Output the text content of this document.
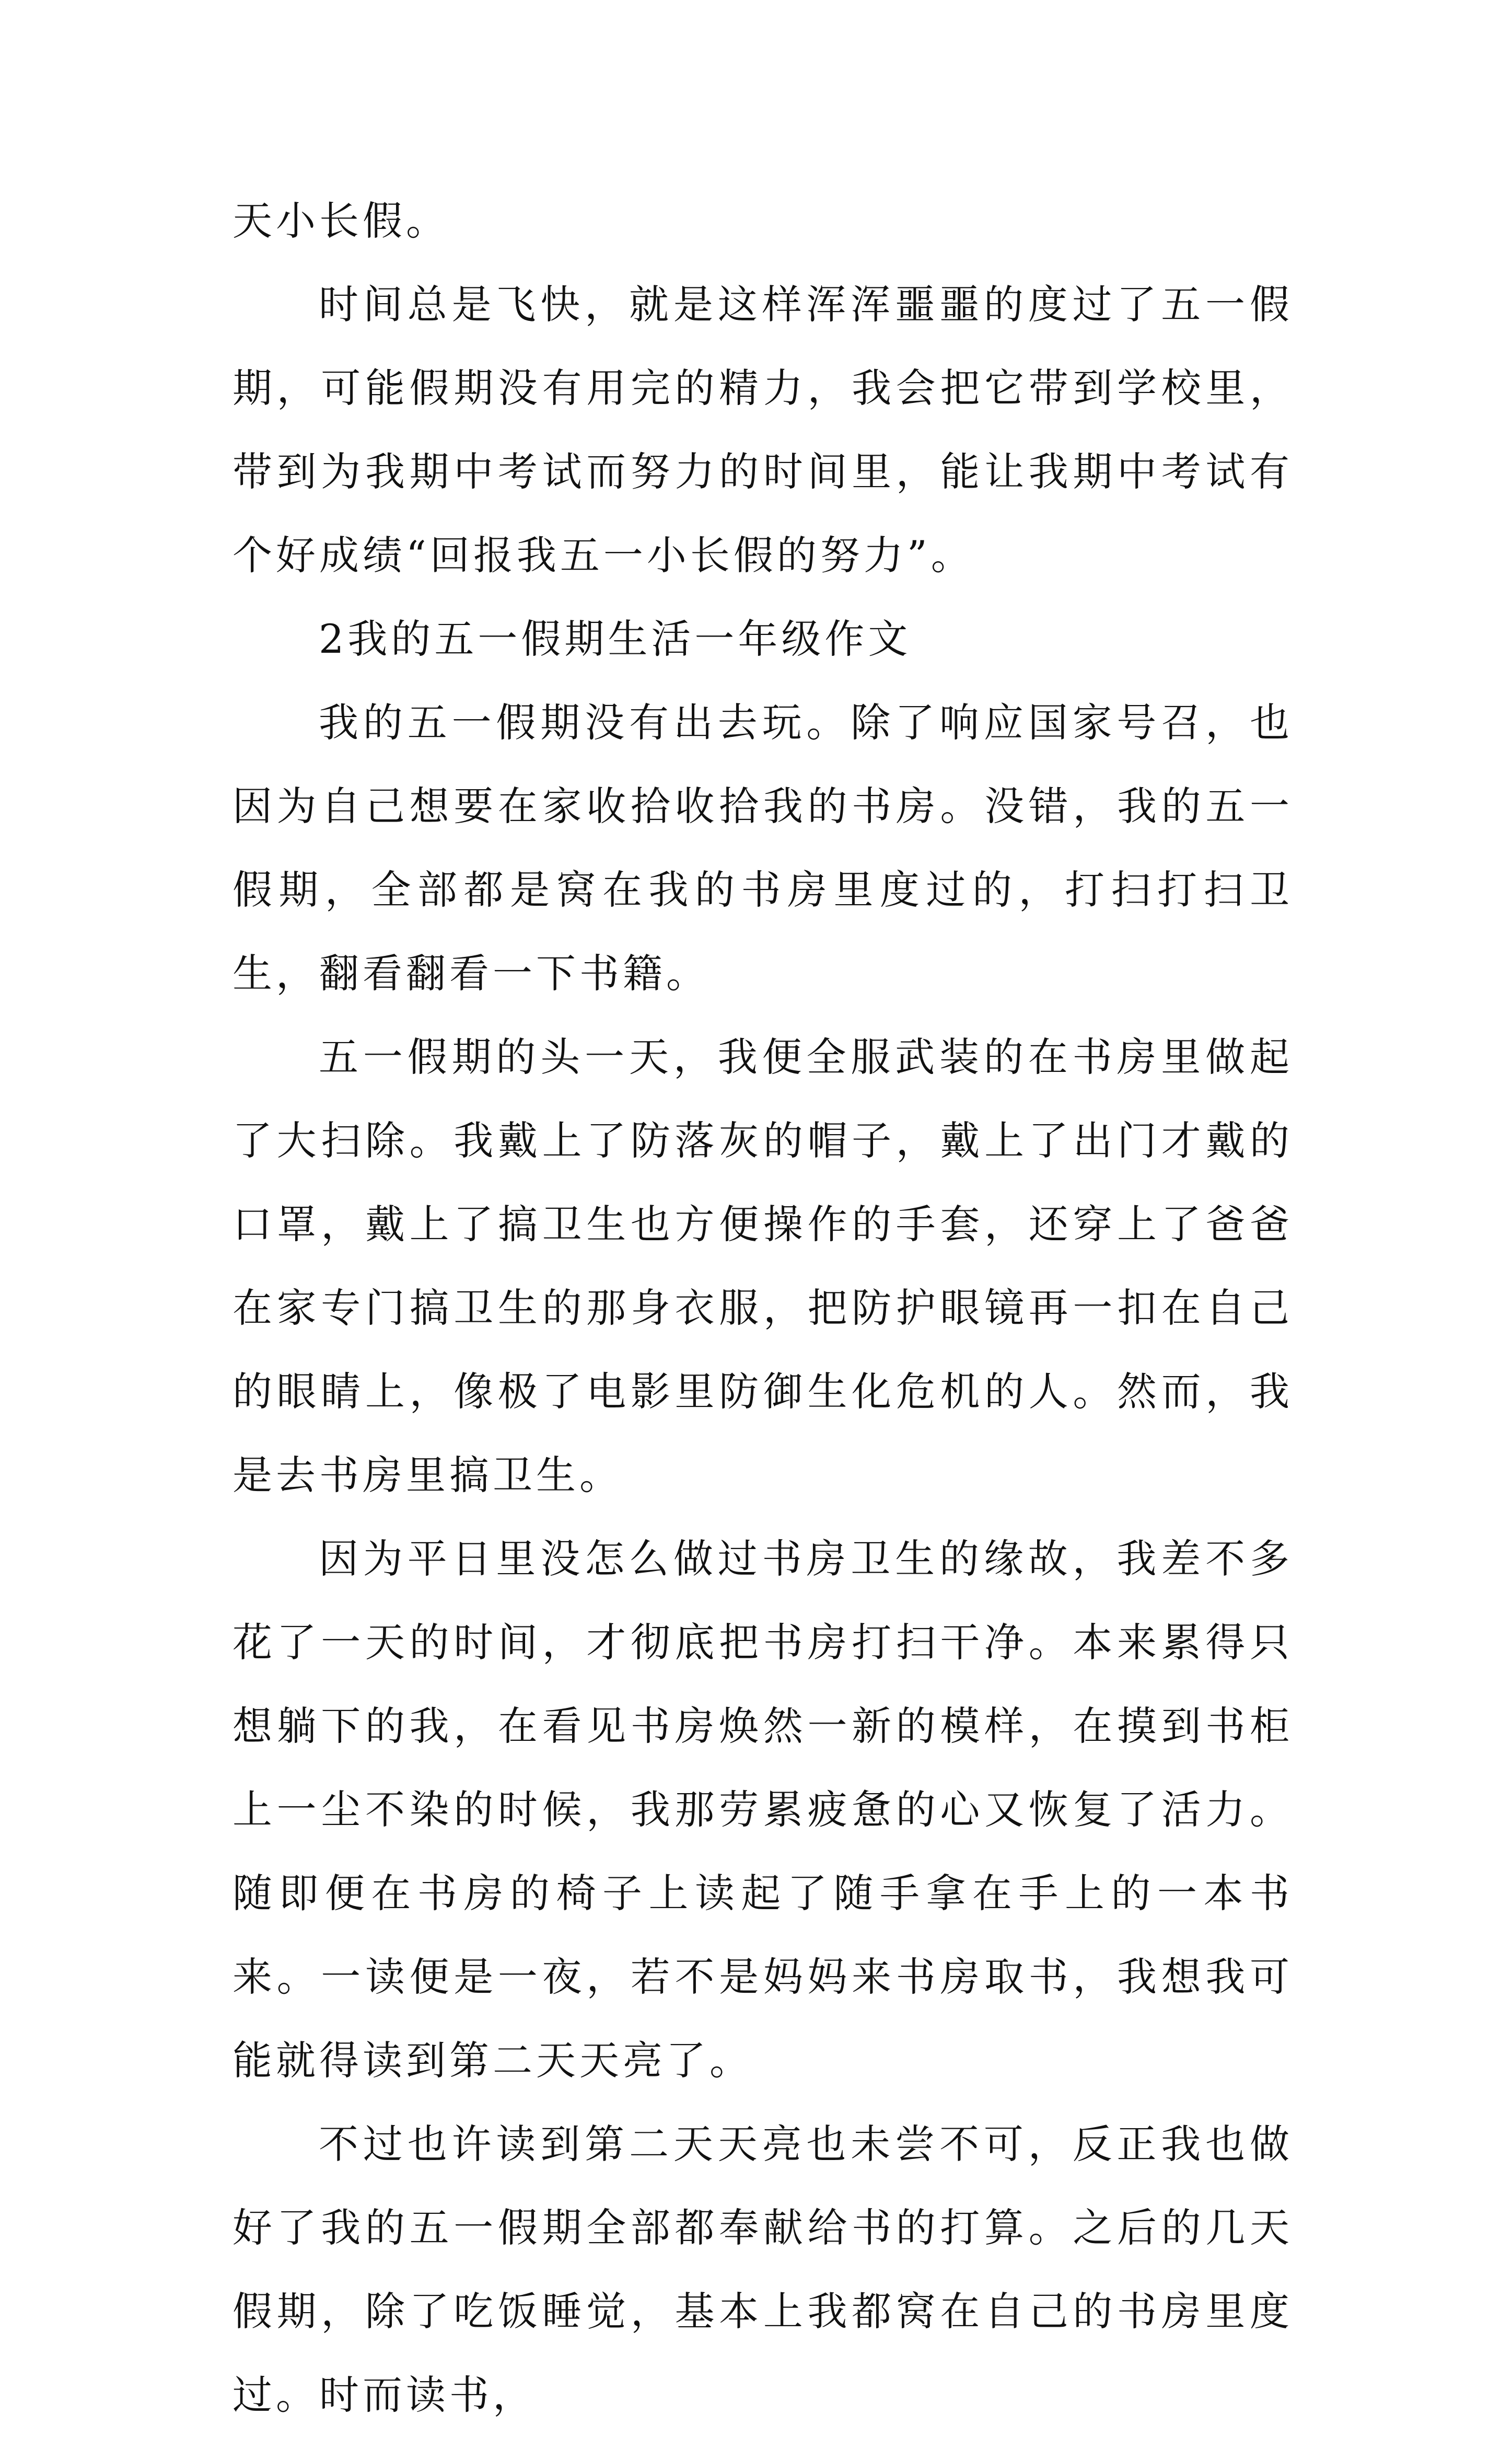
天小长假。

时间总是飞快，就是这样浑浑噩噩的度过了五一假期，可能假期没有用完的精力，我会把它带到学校里，带到为我期中考试而努力的时间里，能让我期中考试有个好成绩“回报我五一小长假的努力”。

2我的五一假期生活一年级作文

我的五一假期没有出去玩。除了响应国家号召，也因为自己想要在家收拾收拾我的书房。没错，我的五一假期，全部都是窝在我的书房里度过的，打扫打扫卫生，翻看翻看一下书籍。

五一假期的头一天，我便全服武装的在书房里做起了大扫除。我戴上了防落灰的帽子，戴上了出门才戴的口罩，戴上了搞卫生也方便操作的手套，还穿上了爸爸在家专门搞卫生的那身衣服，把防护眼镜再一扣在自己的眼睛上，像极了电影里防御生化危机的人。然而，我是去书房里搞卫生。

因为平日里没怎么做过书房卫生的缘故，我差不多花了一天的时间，才彻底把书房打扫干净。本来累得只想躺下的我，在看见书房焕然一新的模样，在摸到书柜上一尘不染的时候，我那劳累疲惫的心又恢复了活力。随即便在书房的椅子上读起了随手拿在手上的一本书来。一读便是一夜，若不是妈妈来书房取书，我想我可能就得读到第二天天亮了。

不过也许读到第二天天亮也未尝不可，反正我也做好了我的五一假期全部都奉献给书的打算。之后的几天假期，除了吃饭睡觉，基本上我都窝在自己的书房里度过。时而读书，
